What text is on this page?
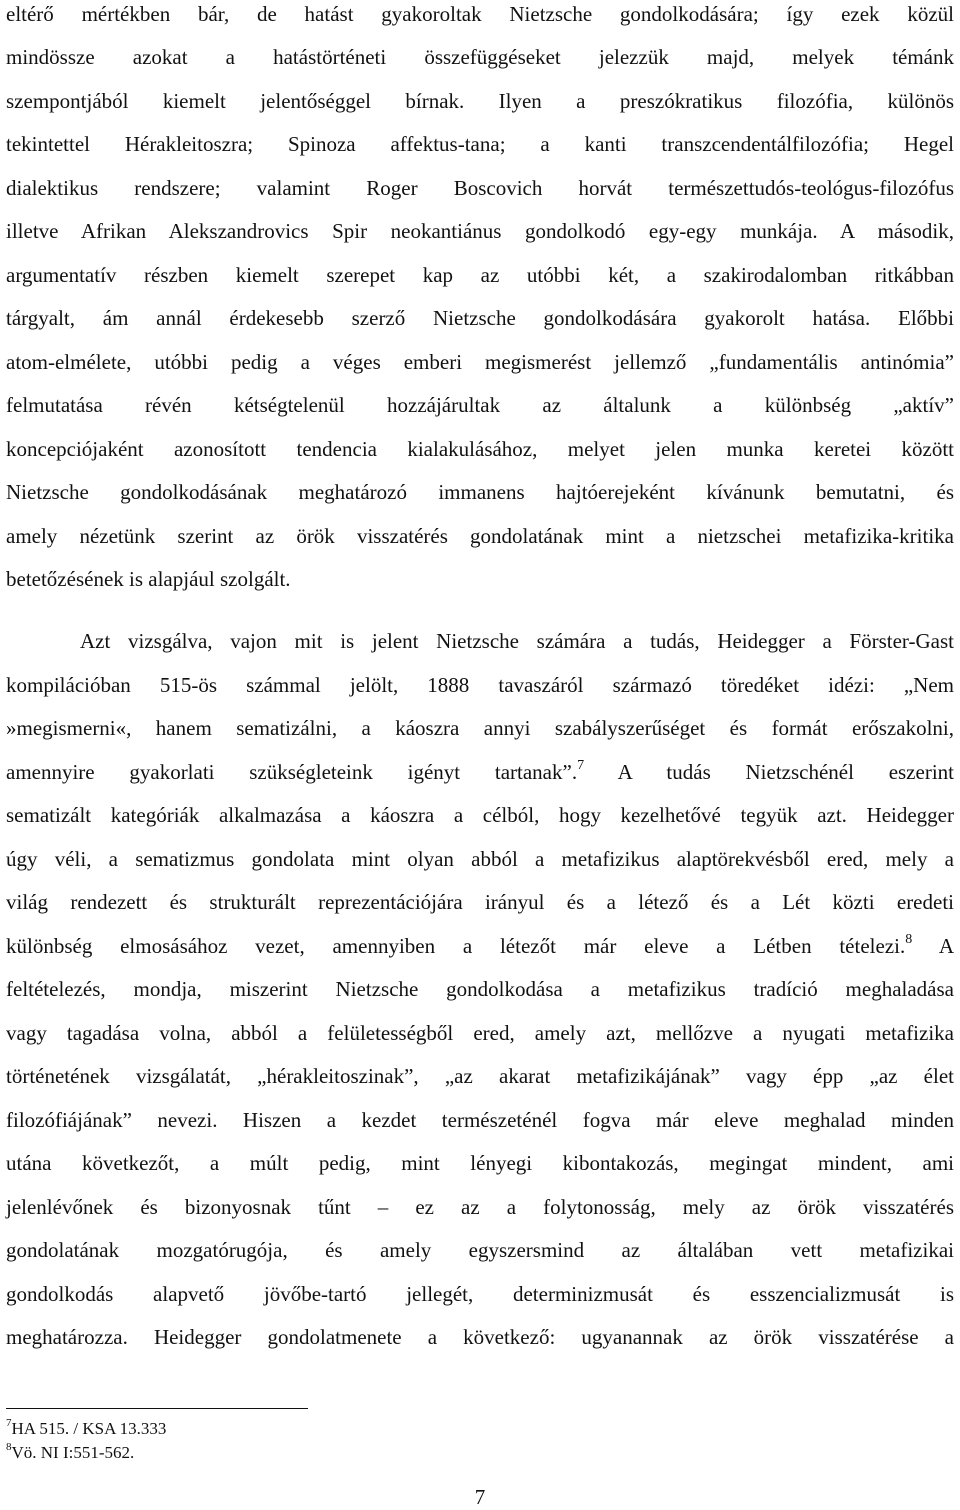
eltérő mértékben bár, de hatást gyakoroltak Nietzsche gondolkodására; így ezek közül
mindössze azokat a hatástörténeti összefüggéseket jelezzük majd, melyek témánk
szempontjából kiemelt jelentőséggel bírnak. Ilyen a preszókratikus filozófia, különös
tekintettel Hérakleitoszra; Spinoza affektus-tana; a kanti transzcendentálfilozófia; Hegel
dialektikus rendszere; valamint Roger Boscovich horvát természettudós-teológus-filozófus
illetve Afrikan Alekszandrovics Spir neokantiánus gondolkodó egy-egy munkája. A második,
argumentatív részben kiemelt szerepet kap az utóbbi két, a szakirodalomban ritkábban
tárgyalt, ám annál érdekesebb szerző Nietzsche gondolkodására gyakorolt hatása. Előbbi
atom-elmélete, utóbbi pedig a véges emberi megismerést jellemző „fundamentális antinómia”
felmutatása révén kétségtelenül hozzájárultak az általunk a különbség „aktív”
koncepciójaként azonosított tendencia kialakulásához, melyet jelen munka keretei között
Nietzsche gondolkodásának meghatározó immanens hajtóerejeként kívánunk bemutatni, és
amely nézetünk szerint az örök visszatérés gondolatának mint a nietzschei metafizika-kritika
betetőzésének is alapjául szolgált.
Azt vizsgálva, vajon mit is jelent Nietzsche számára a tudás, Heidegger a Förster-Gast
kompilációban 515-ös számmal jelölt, 1888 tavaszáról származó töredéket idézi: „Nem
»megismerni«, hanem sematizálni, a káoszra annyi szabályszerűséget és formát erőszakolni,
amennyire gyakorlati szükségleteink igényt tartanak”.$^7$ A tudás Nietzschénél eszerint
sematizált kategóriák alkalmazása a káoszra a célból, hogy kezelhetővé tegyük azt. Heidegger
úgy véli, a sematizmus gondolata mint olyan abból a metafizikus alaptörekvésből ered, mely a
világ rendezett és strukturált reprezentációjára irányul és a létező és a Lét közti eredeti
különbség elmosásához vezet, amennyiben a létezőt már eleve a Létben tételezi.$^8$ A
feltételezés, mondja, miszerint Nietzsche gondolkodása a metafizikus tradíció meghaladása
vagy tagadása volna, abból a felületességből ered, amely azt, mellőzve a nyugati metafizika
történetének vizsgálatát, „hérakleitoszinak”, „az akarat metafizikájának” vagy épp „az élet
filozófiájának” nevezi. Hiszen a kezdet természeténél fogva már eleve meghalad minden
utána következőt, a múlt pedig, mint lényegi kibontakozás, megingat mindent, ami
jelenlévőnek és bizonyosnak tűnt – ez az a folytonosság, mely az örök visszatérés
gondolatának mozgatórugója, és amely egyszersmind az általában vett metafizikai
gondolkodás alapvető jövőbe-tartó jellegét, determinizmusát és esszencializmusát is
meghatározza. Heidegger gondolatmenete a következő: ugyanannak az örök visszatérése a
$^7$HA 515. / KSA 13.333
$^8$Vö. NI I:551-562.
7
